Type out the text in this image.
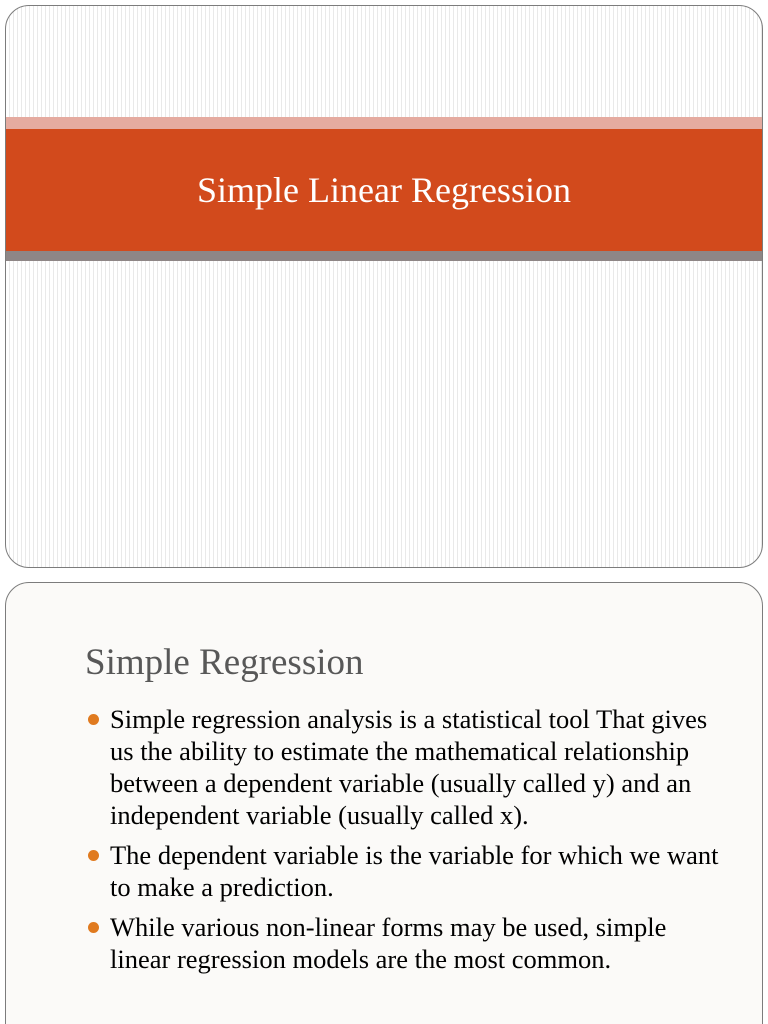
Simple Linear Regression
Simple Regression
Simple regression analysis is a statistical tool That gives us the ability to estimate the mathematical relationship between a dependent variable (usually called y) and an independent variable (usually called x).
The dependent variable is the variable for which we want to make a prediction.
While various non-linear forms may be used, simple linear regression models are the most common.
